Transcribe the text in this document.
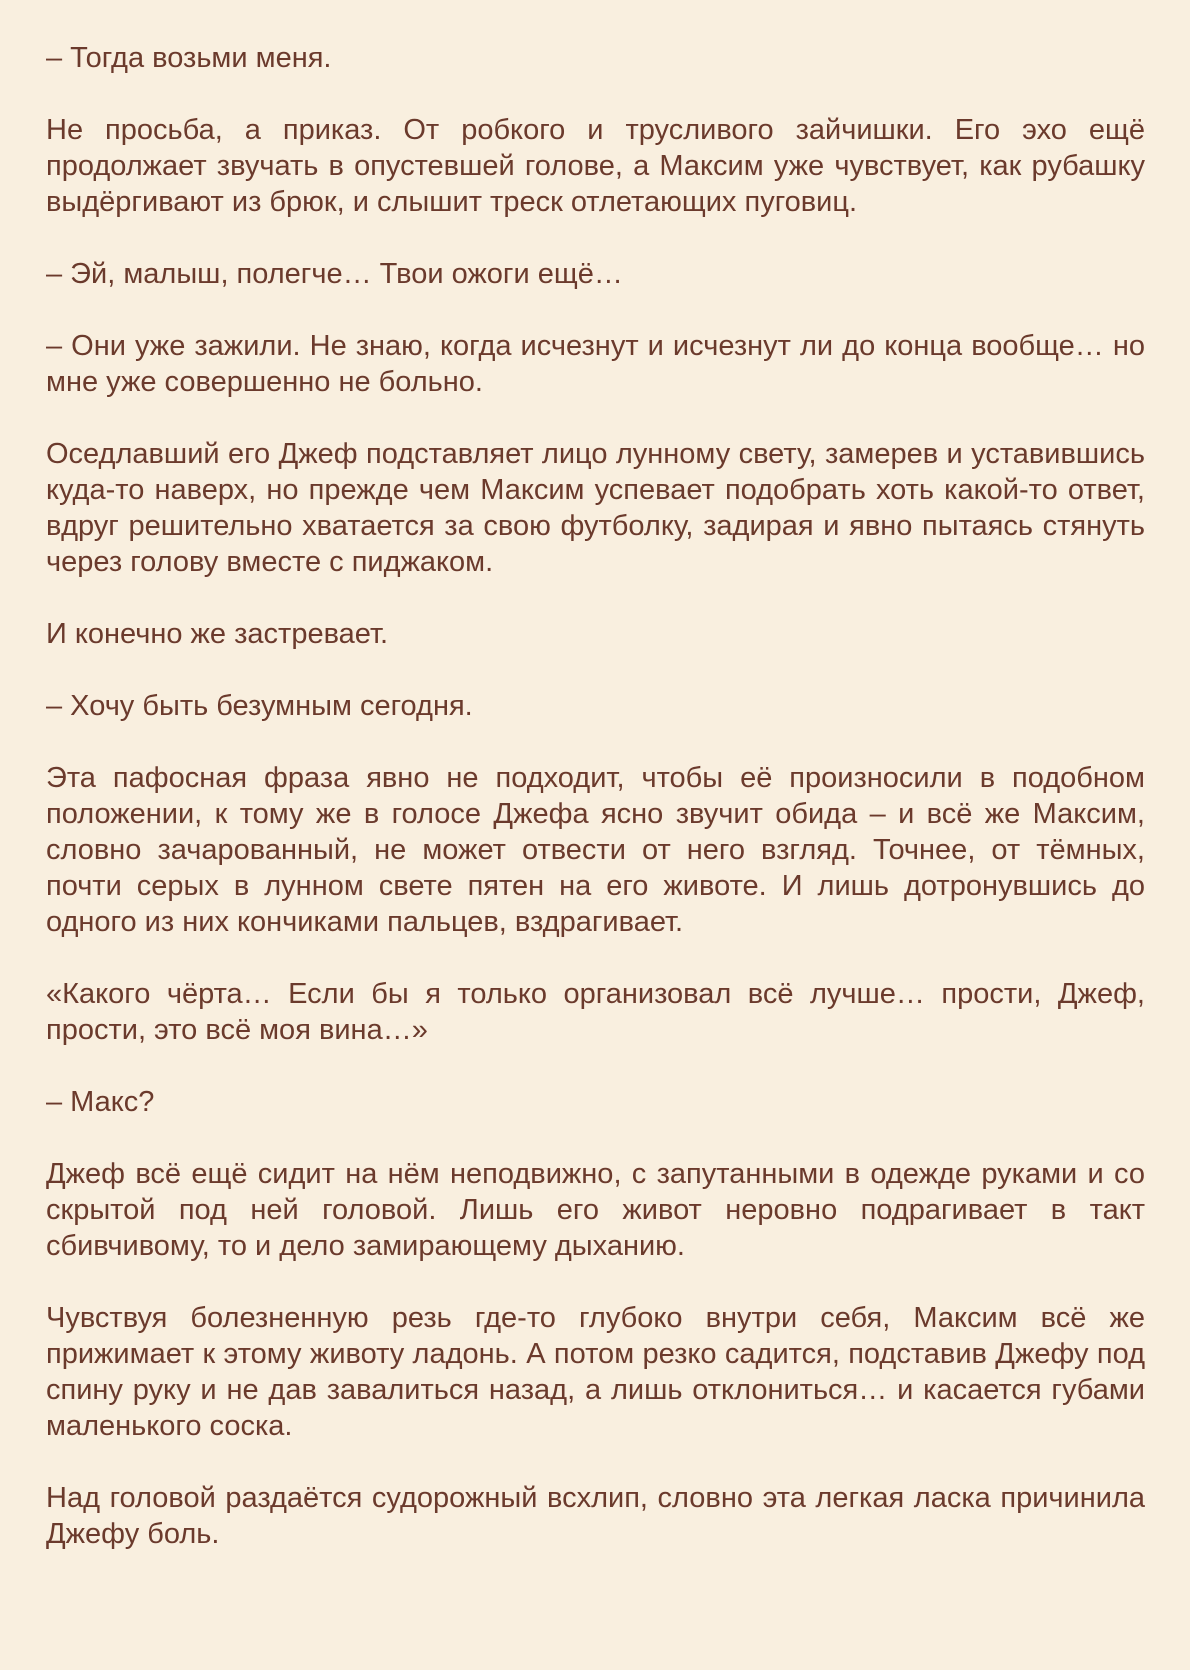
– Тогда возьми меня.

Не просьба, а приказ. От робкого и трусливого зайчишки. Его эхо ещё продолжает звучать в опустевшей голове, а Максим уже чувствует, как рубашку выдёргивают из брюк, и слышит треск отлетающих пуговиц.

– Эй, малыш, полегче… Твои ожоги ещё…

– Они уже зажили. Не знаю, когда исчезнут и исчезнут ли до конца вообще… но мне уже совершенно не больно.

Оседлавший его Джеф подставляет лицо лунному свету, замерев и уставившись куда-то наверх, но прежде чем Максим успевает подобрать хоть какой-то ответ, вдруг решительно хватается за свою футболку, задирая и явно пытаясь стянуть через голову вместе с пиджаком.

И конечно же застревает.

– Хочу быть безумным сегодня.

Эта пафосная фраза явно не подходит, чтобы её произносили в подобном положении, к тому же в голосе Джефа ясно звучит обида – и всё же Максим, словно зачарованный, не может отвести от него взгляд. Точнее, от тёмных, почти серых в лунном свете пятен на его животе. И лишь дотронувшись до одного из них кончиками пальцев, вздрагивает.

«Какого чёрта… Если бы я только организовал всё лучше… прости, Джеф, прости, это всё моя вина…»

– Макс?

Джеф всё ещё сидит на нём неподвижно, с запутанными в одежде руками и со скрытой под ней головой. Лишь его живот неровно подрагивает в такт сбивчивому, то и дело замирающему дыханию.

Чувствуя болезненную резь где-то глубоко внутри себя, Максим всё же прижимает к этому животу ладонь. А потом резко садится, подставив Джефу под спину руку и не дав завалиться назад, а лишь отклониться… и касается губами маленького соска.

Над головой раздаётся судорожный всхлип, словно эта легкая ласка причинила Джефу боль.
